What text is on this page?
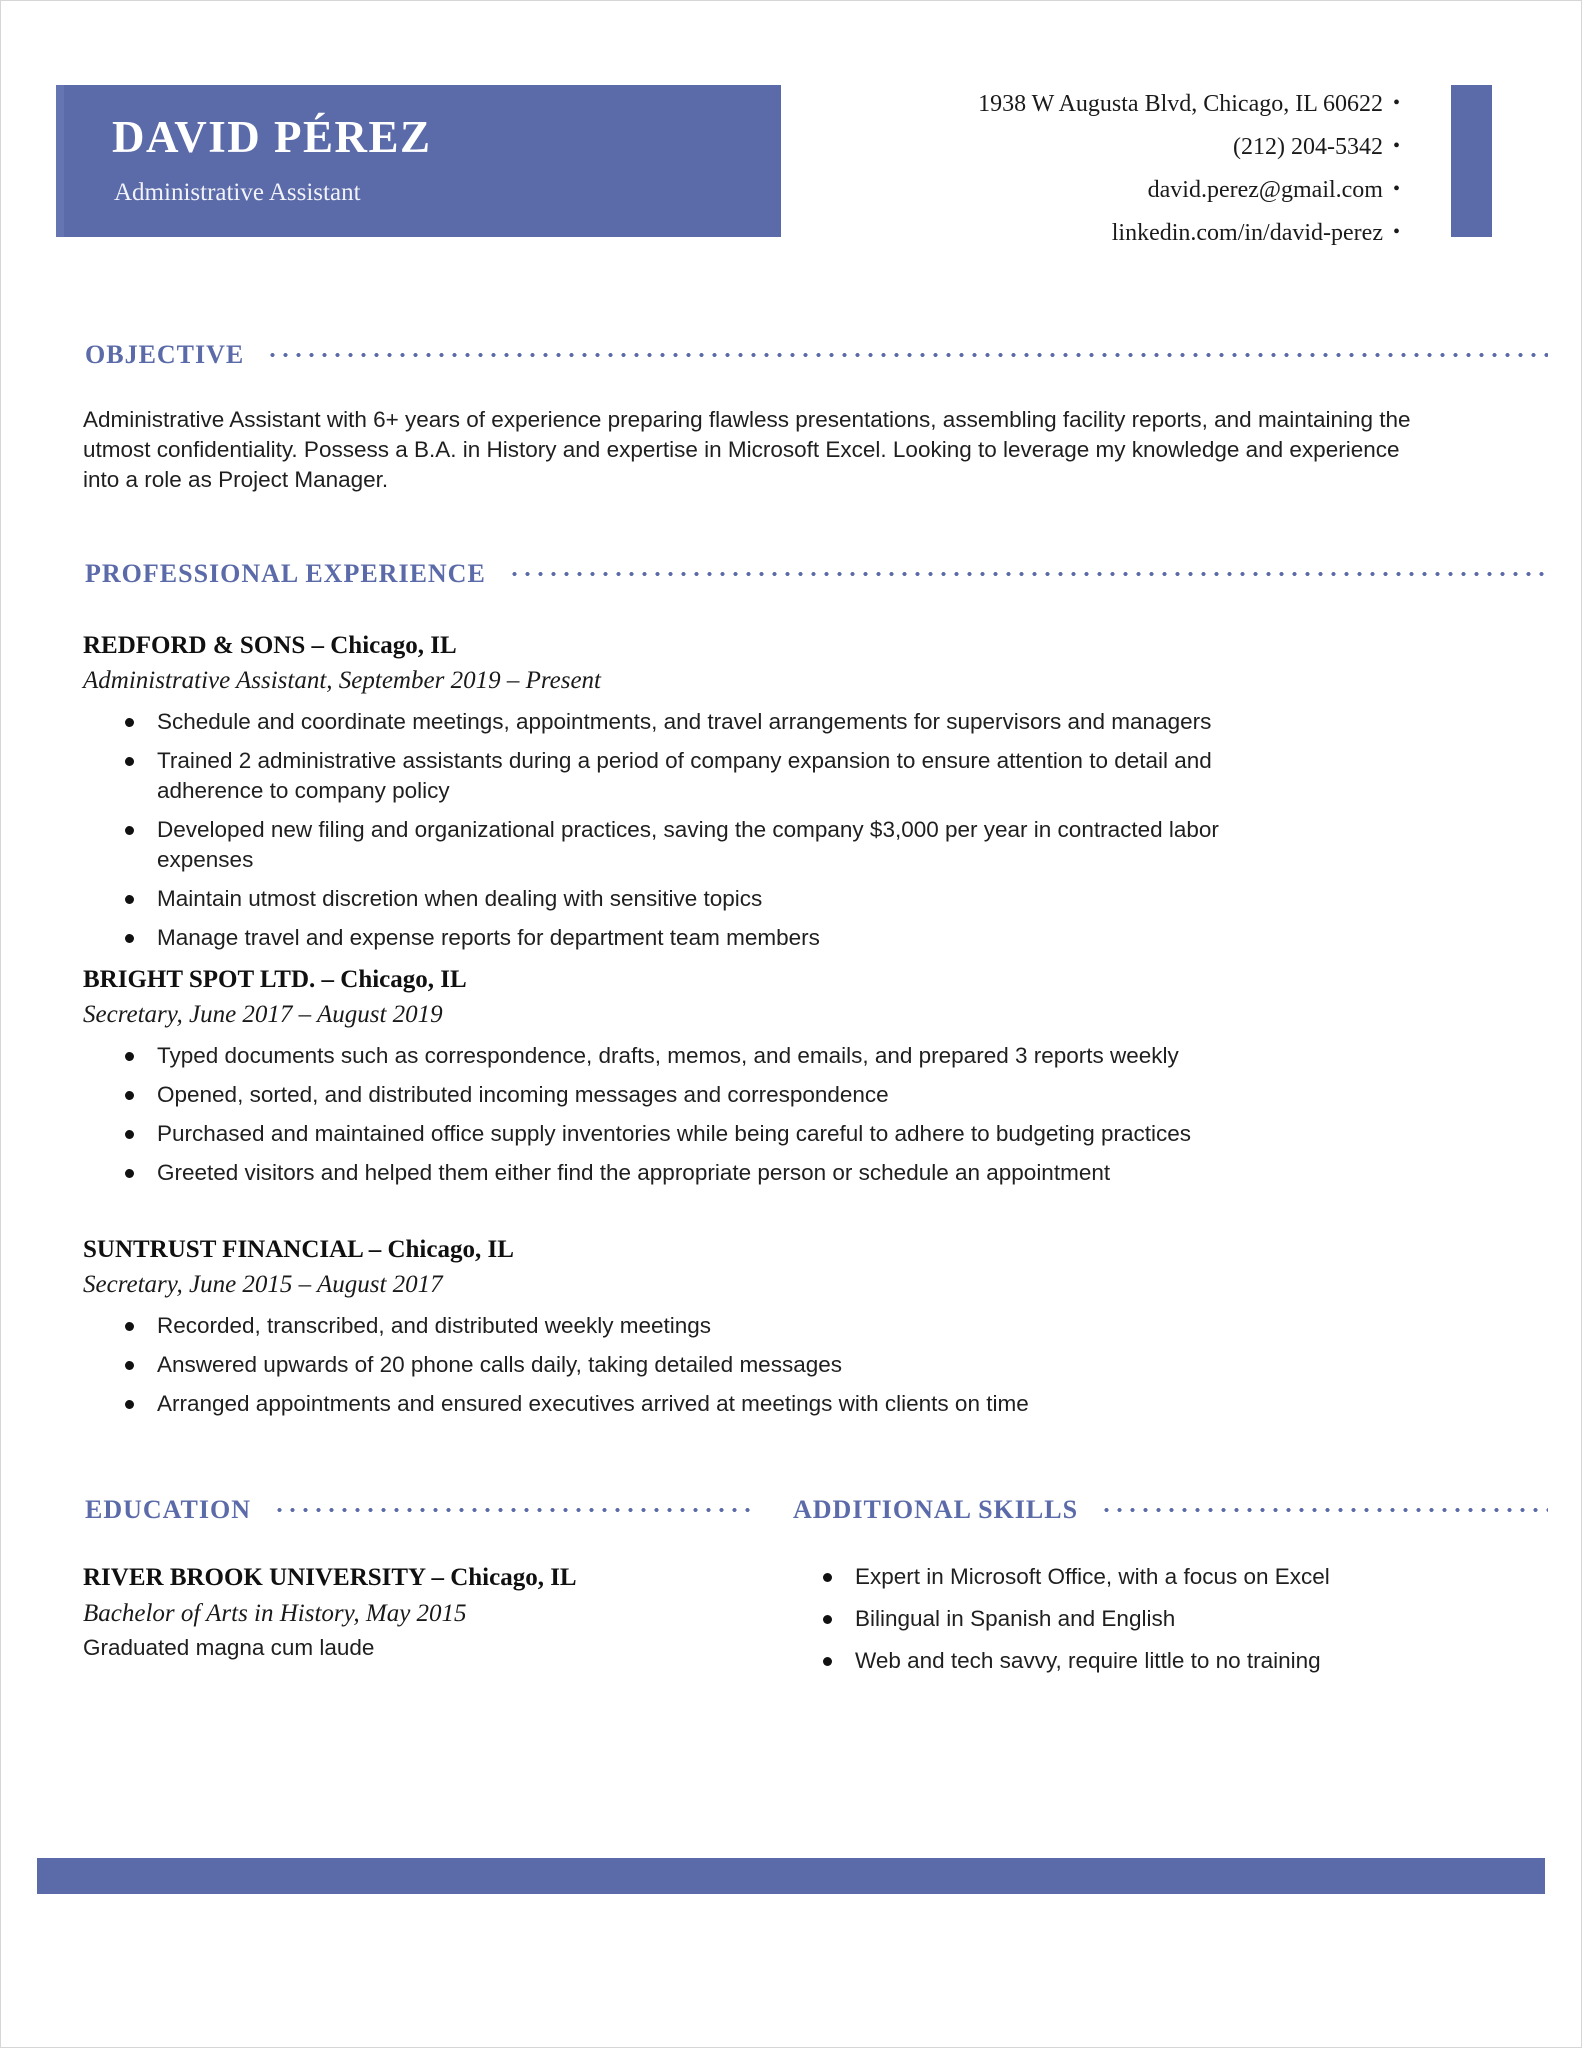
DAVID PÉREZ
Administrative Assistant
1938 W Augusta Blvd, Chicago, IL 60622 •
(212) 204-5342 •
david.perez@gmail.com •
linkedin.com/in/david-perez •
OBJECTIVE
Administrative Assistant with 6+ years of experience preparing flawless presentations, assembling facility reports, and maintaining the utmost confidentiality. Possess a B.A. in History and expertise in Microsoft Excel. Looking to leverage my knowledge and experience into a role as Project Manager.
PROFESSIONAL EXPERIENCE
REDFORD & SONS – Chicago, IL
Administrative Assistant, September 2019 – Present
Schedule and coordinate meetings, appointments, and travel arrangements for supervisors and managers
Trained 2 administrative assistants during a period of company expansion to ensure attention to detail and adherence to company policy
Developed new filing and organizational practices, saving the company $3,000 per year in contracted labor expenses
Maintain utmost discretion when dealing with sensitive topics
Manage travel and expense reports for department team members
BRIGHT SPOT LTD. – Chicago, IL
Secretary, June 2017 – August 2019
Typed documents such as correspondence, drafts, memos, and emails, and prepared 3 reports weekly
Opened, sorted, and distributed incoming messages and correspondence
Purchased and maintained office supply inventories while being careful to adhere to budgeting practices
Greeted visitors and helped them either find the appropriate person or schedule an appointment
SUNTRUST FINANCIAL – Chicago, IL
Secretary, June 2015 – August 2017
Recorded, transcribed, and distributed weekly meetings
Answered upwards of 20 phone calls daily, taking detailed messages
Arranged appointments and ensured executives arrived at meetings with clients on time
EDUCATION
RIVER BROOK UNIVERSITY – Chicago, IL
Bachelor of Arts in History, May 2015
Graduated magna cum laude
ADDITIONAL SKILLS
Expert in Microsoft Office, with a focus on Excel
Bilingual in Spanish and English
Web and tech savvy, require little to no training
